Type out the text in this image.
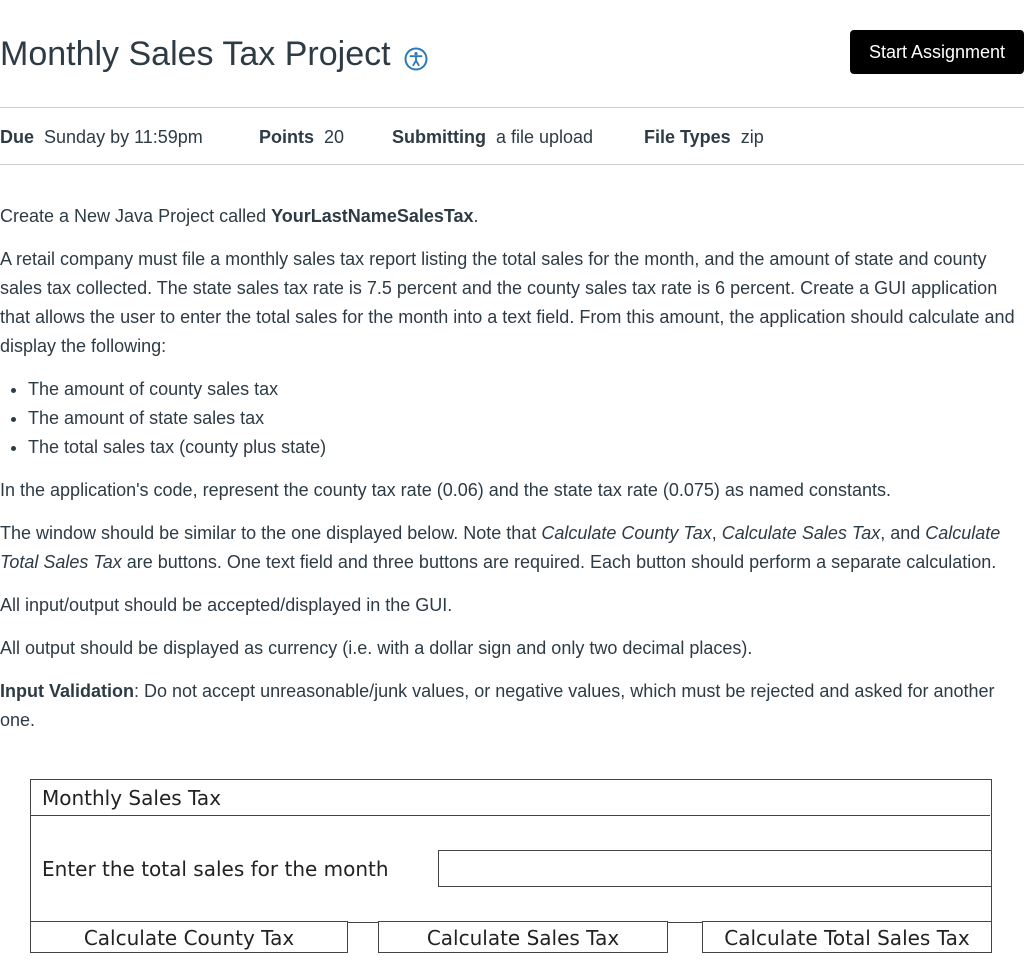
Monthly Sales Tax Project	Start Assignment
Due Sunday by 11:59pm	Points 20	Submitting a file upload	File Types zip

Create a New Java Project called YourLastNameSalesTax.

A retail company must file a monthly sales tax report listing the total sales for the month, and the amount of state and county sales tax collected. The state sales tax rate is 7.5 percent and the county sales tax rate is 6 percent. Create a GUI application that allows the user to enter the total sales for the month into a text field. From this amount, the application should calculate and display the following:

• The amount of county sales tax
• The amount of state sales tax
• The total sales tax (county plus state)

In the application's code, represent the county tax rate (0.06) and the state tax rate (0.075) as named constants.

The window should be similar to the one displayed below. Note that Calculate County Tax, Calculate Sales Tax, and Calculate Total Sales Tax are buttons. One text field and three buttons are required. Each button should perform a separate calculation.

All input/output should be accepted/displayed in the GUI.

All output should be displayed as currency (i.e. with a dollar sign and only two decimal places).

Input Validation: Do not accept unreasonable/junk values, or negative values, which must be rejected and asked for another one.

Monthly Sales Tax
Enter the total sales for the month
Calculate County Tax	Calculate Sales Tax	Calculate Total Sales Tax
